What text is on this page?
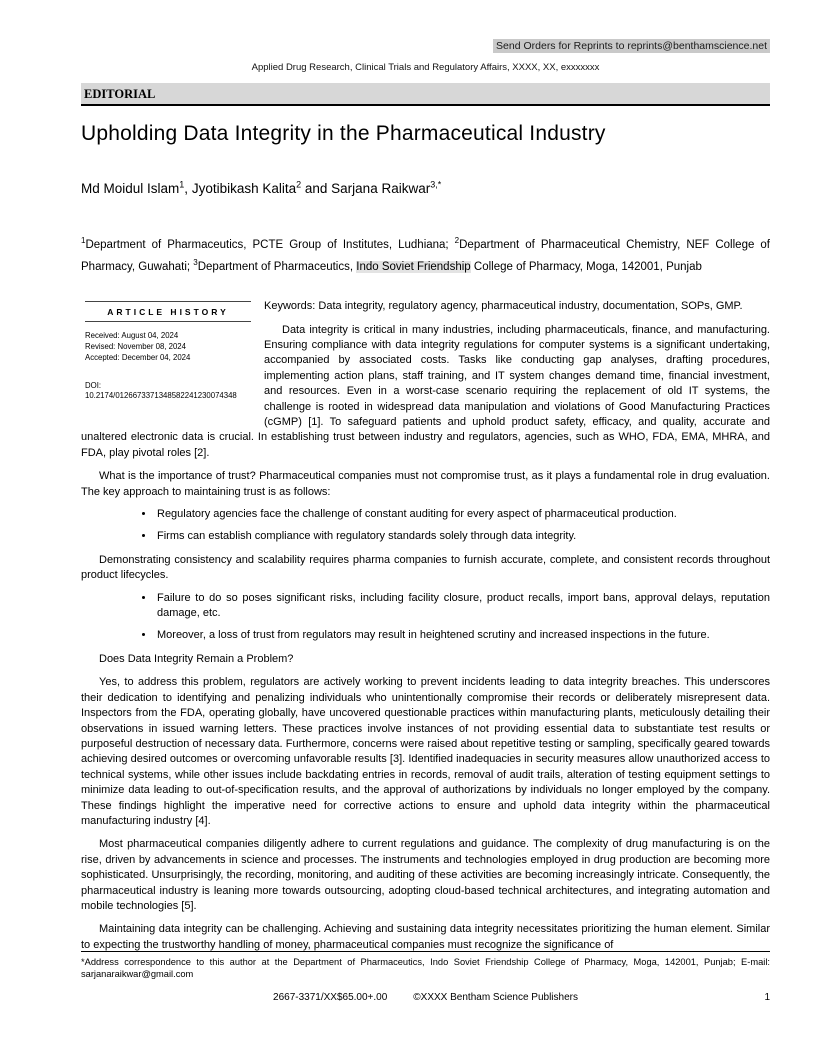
Send Orders for Reprints to reprints@benthamscience.net
Applied Drug Research, Clinical Trials and Regulatory Affairs, XXXX, XX, exxxxxxx
EDITORIAL
Upholding Data Integrity in the Pharmaceutical Industry
Md Moidul Islam$^1$, Jyotibikash Kalita$^2$ and Sarjana Raikwar$^{3,*}$
$^1$Department of Pharmaceutics, PCTE Group of Institutes, Ludhiana; $^2$Department of Pharmaceutical Chemistry, NEF College of Pharmacy, Guwahati; $^3$Department of Pharmaceutics, Indo Soviet Friendship College of Pharmacy, Moga, 142001, Punjab
ARTICLE HISTORY
Received: August 04, 2024
Revised: November 08, 2024
Accepted: December 04, 2024
DOI:
10.2174/0126673371348582241230074348

Keywords: Data integrity, regulatory agency, pharmaceutical industry, documentation, SOPs, GMP.

Data integrity is critical in many industries, including pharmaceuticals, finance, and manufacturing. Ensuring compliance with data integrity regulations for computer systems is a significant undertaking, accompanied by associated costs. Tasks like conducting gap analyses, drafting procedures, implementing action plans, staff training, and IT system changes demand time, financial investment, and resources. Even in a worst-case scenario requiring the replacement of old IT systems, the challenge is rooted in widespread data manipulation and violations of Good Manufacturing Practices (cGMP) [1]. To safeguard patients and uphold product safety, efficacy, and quality, accurate and unaltered electronic data is crucial. In establishing trust between industry and regulators, agencies, such as WHO, FDA, EMA, MHRA, and FDA, play pivotal roles [2].

What is the importance of trust? Pharmaceutical companies must not compromise trust, as it plays a fundamental role in drug evaluation. The key approach to maintaining trust is as follows:

• Regulatory agencies face the challenge of constant auditing for every aspect of pharmaceutical production.
• Firms can establish compliance with regulatory standards solely through data integrity.

Demonstrating consistency and scalability requires pharma companies to furnish accurate, complete, and consistent records throughout product lifecycles.

• Failure to do so poses significant risks, including facility closure, product recalls, import bans, approval delays, reputation damage, etc.
• Moreover, a loss of trust from regulators may result in heightened scrutiny and increased inspections in the future.

Does Data Integrity Remain a Problem?

Yes, to address this problem, regulators are actively working to prevent incidents leading to data integrity breaches. This underscores their dedication to identifying and penalizing individuals who unintentionally compromise their records or deliberately misrepresent data. Inspectors from the FDA, operating globally, have uncovered questionable practices within manufacturing plants, meticulously detailing their observations in issued warning letters. These practices involve instances of not providing essential data to substantiate test results or purposeful destruction of necessary data. Furthermore, concerns were raised about repetitive testing or sampling, specifically geared towards achieving desired outcomes or overcoming unfavorable results [3]. Identified inadequacies in security measures allow unauthorized access to technical systems, while other issues include backdating entries in records, removal of audit trails, alteration of testing equipment settings to minimize data leading to out-of-specification results, and the approval of authorizations by individuals no longer employed by the company. These findings highlight the imperative need for corrective actions to ensure and uphold data integrity within the pharmaceutical manufacturing industry [4].

Most pharmaceutical companies diligently adhere to current regulations and guidance. The complexity of drug manufacturing is on the rise, driven by advancements in science and processes. The instruments and technologies employed in drug production are becoming more sophisticated. Unsurprisingly, the recording, monitoring, and auditing of these activities are becoming increasingly intricate. Consequently, the pharmaceutical industry is leaning more towards outsourcing, adopting cloud-based technical architectures, and integrating automation and mobile technologies [5].

Maintaining data integrity can be challenging. Achieving and sustaining data integrity necessitates prioritizing the human element. Similar to expecting the trustworthy handling of money, pharmaceutical companies must recognize the significance of

*Address correspondence to this author at the Department of Pharmaceutics, Indo Soviet Friendship College of Pharmacy, Moga, 142001, Punjab; E-mail: sarjanaraikwar@gmail.com
2667-3371/XX$65.00+.00	©XXXX Bentham Science Publishers	1
